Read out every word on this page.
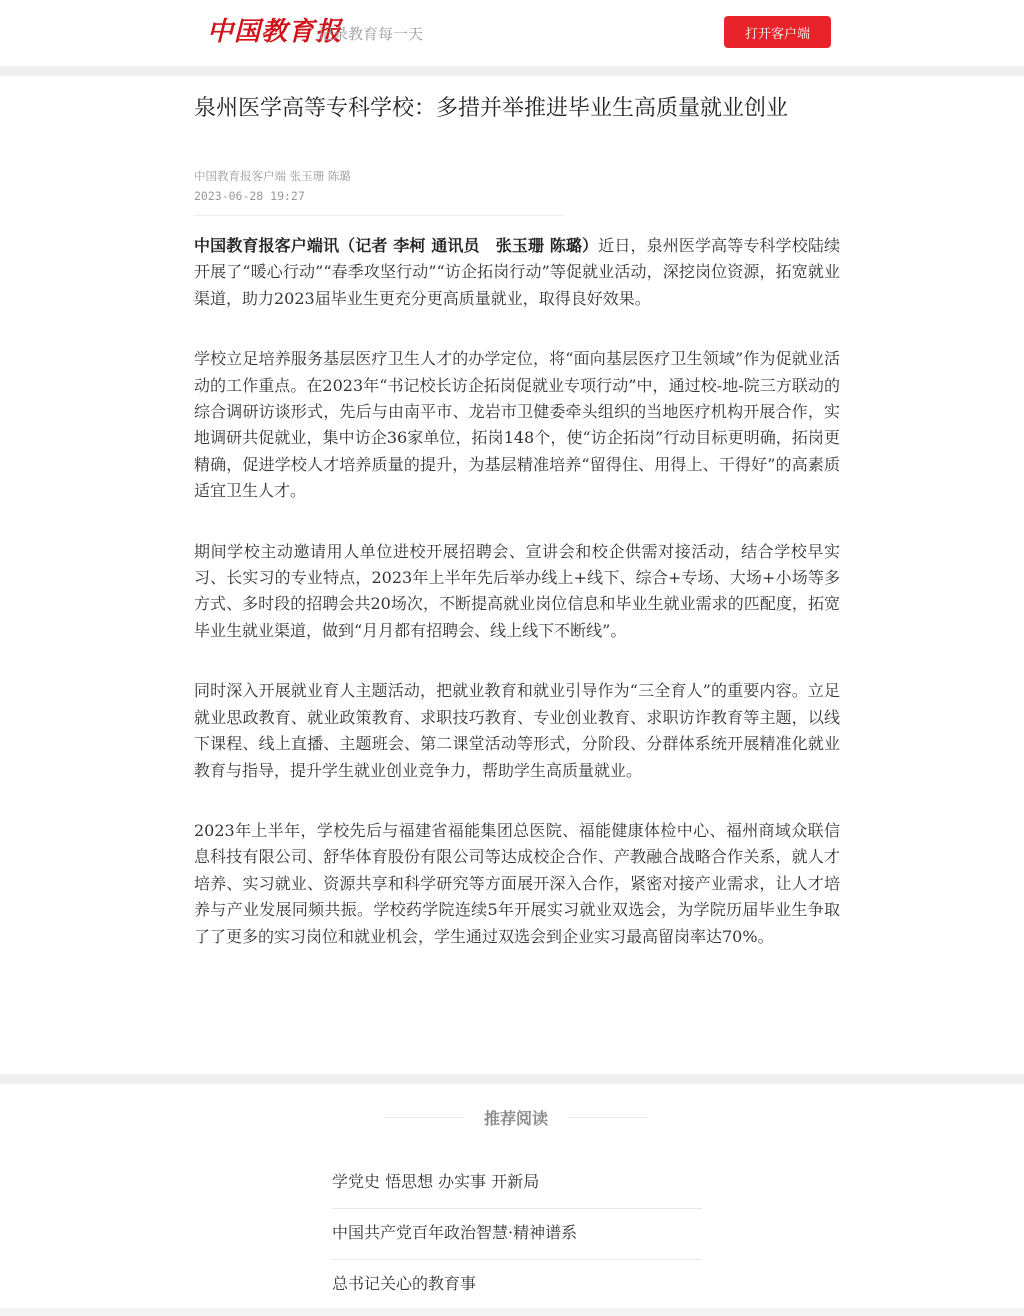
中国教育报
记录教育每一天	打开客户端
泉州医学高等专科学校：多措并举推进毕业生高质量就业创业
中国教育报客户端 张玉珊 陈璐
2023-06-28 19:27

中国教育报客户端讯（记者 李柯 通讯员　张玉珊 陈璐）近日，泉州医学高等专科学校陆续开展了“暖心行动”“春季攻坚行动”“访企拓岗行动”等促就业活动，深挖岗位资源，拓宽就业渠道，助力2023届毕业生更充分更高质量就业，取得良好效果。

学校立足培养服务基层医疗卫生人才的办学定位，将“面向基层医疗卫生领域”作为促就业活动的工作重点。在2023年“书记校长访企拓岗促就业专项行动”中，通过校-地-院三方联动的综合调研访谈形式，先后与由南平市、龙岩市卫健委牵头组织的当地医疗机构开展合作，实地调研共促就业，集中访企36家单位，拓岗148个，使“访企拓岗”行动目标更明确，拓岗更精确，促进学校人才培养质量的提升，为基层精准培养“留得住、用得上、干得好”的高素质适宜卫生人才。

期间学校主动邀请用人单位进校开展招聘会、宣讲会和校企供需对接活动，结合学校早实习、长实习的专业特点，2023年上半年先后举办线上+线下、综合+专场、大场+小场等多方式、多时段的招聘会共20场次，不断提高就业岗位信息和毕业生就业需求的匹配度，拓宽毕业生就业渠道，做到“月月都有招聘会、线上线下不断线”。

同时深入开展就业育人主题活动，把就业教育和就业引导作为“三全育人”的重要内容。立足就业思政教育、就业政策教育、求职技巧教育、专业创业教育、求职访诈教育等主题，以线下课程、线上直播、主题班会、第二课堂活动等形式，分阶段、分群体系统开展精准化就业教育与指导，提升学生就业创业竞争力，帮助学生高质量就业。

2023年上半年，学校先后与福建省福能集团总医院、福能健康体检中心、福州商域众联信息科技有限公司、舒华体育股份有限公司等达成校企合作、产教融合战略合作关系，就人才培养、实习就业、资源共享和科学研究等方面展开深入合作，紧密对接产业需求，让人才培养与产业发展同频共振。学校药学院连续5年开展实习就业双选会，为学院历届毕业生争取了了更多的实习岗位和就业机会，学生通过双选会到企业实习最高留岗率达70%。

推荐阅读
学党史 悟思想 办实事 开新局
中国共产党百年政治智慧·精神谱系
总书记关心的教育事
